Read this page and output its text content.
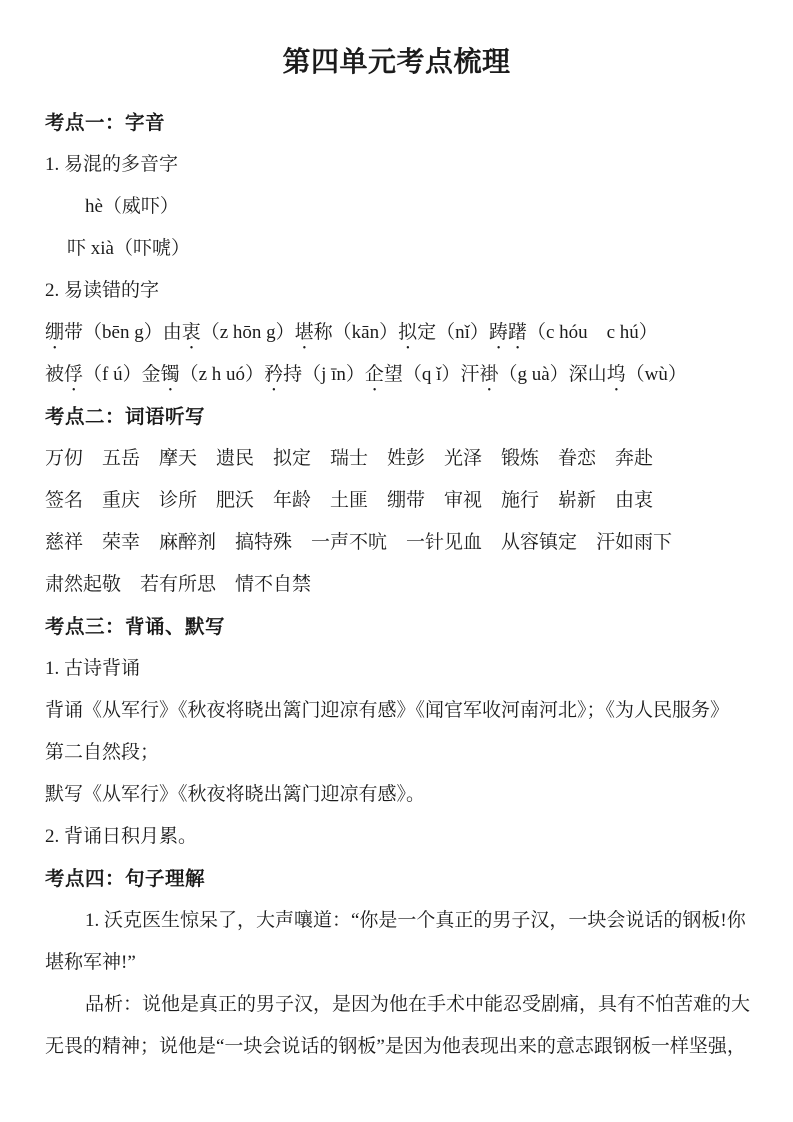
第四单元考点梳理

考点一：字音

1. 易混的多音字

hè（威吓）

吓 xià（吓唬）

2. 易读错的字

绷带（bēn g）由衷（z hōn g）堪称（kān）拟定（nǐ）踌躇（c hóu　c hú）

被俘（f ú）金镯（z h uó）矜持（j īn）企望（q ǐ）汗褂（g uà）深山坞（wù）

考点二：词语听写

万仞　五岳　摩天　遗民　拟定　瑞士　姓彭　光泽　锻炼　眷恋　奔赴

签名　重庆　诊所　肥沃　年龄　土匪　绷带　审视　施行　崭新　由衷

慈祥　荣幸　麻醉剂　搞特殊　一声不吭　一针见血　从容镇定　汗如雨下

肃然起敬　若有所思　情不自禁

考点三：背诵、默写

1. 古诗背诵

背诵《从军行》《秋夜将晓出篱门迎凉有感》《闻官军收河南河北》；《为人民服务》

第二自然段；

默写《从军行》《秋夜将晓出篱门迎凉有感》。

2. 背诵日积月累。

考点四：句子理解

1. 沃克医生惊呆了，大声嚷道：“你是一个真正的男子汉，一块会说话的钢板!你

堪称军神!”

品析：说他是真正的男子汉，是因为他在手术中能忍受剧痛，具有不怕苦难的大

无畏的精神；说他是“一块会说话的钢板”是因为他表现出来的意志跟钢板一样坚强，
